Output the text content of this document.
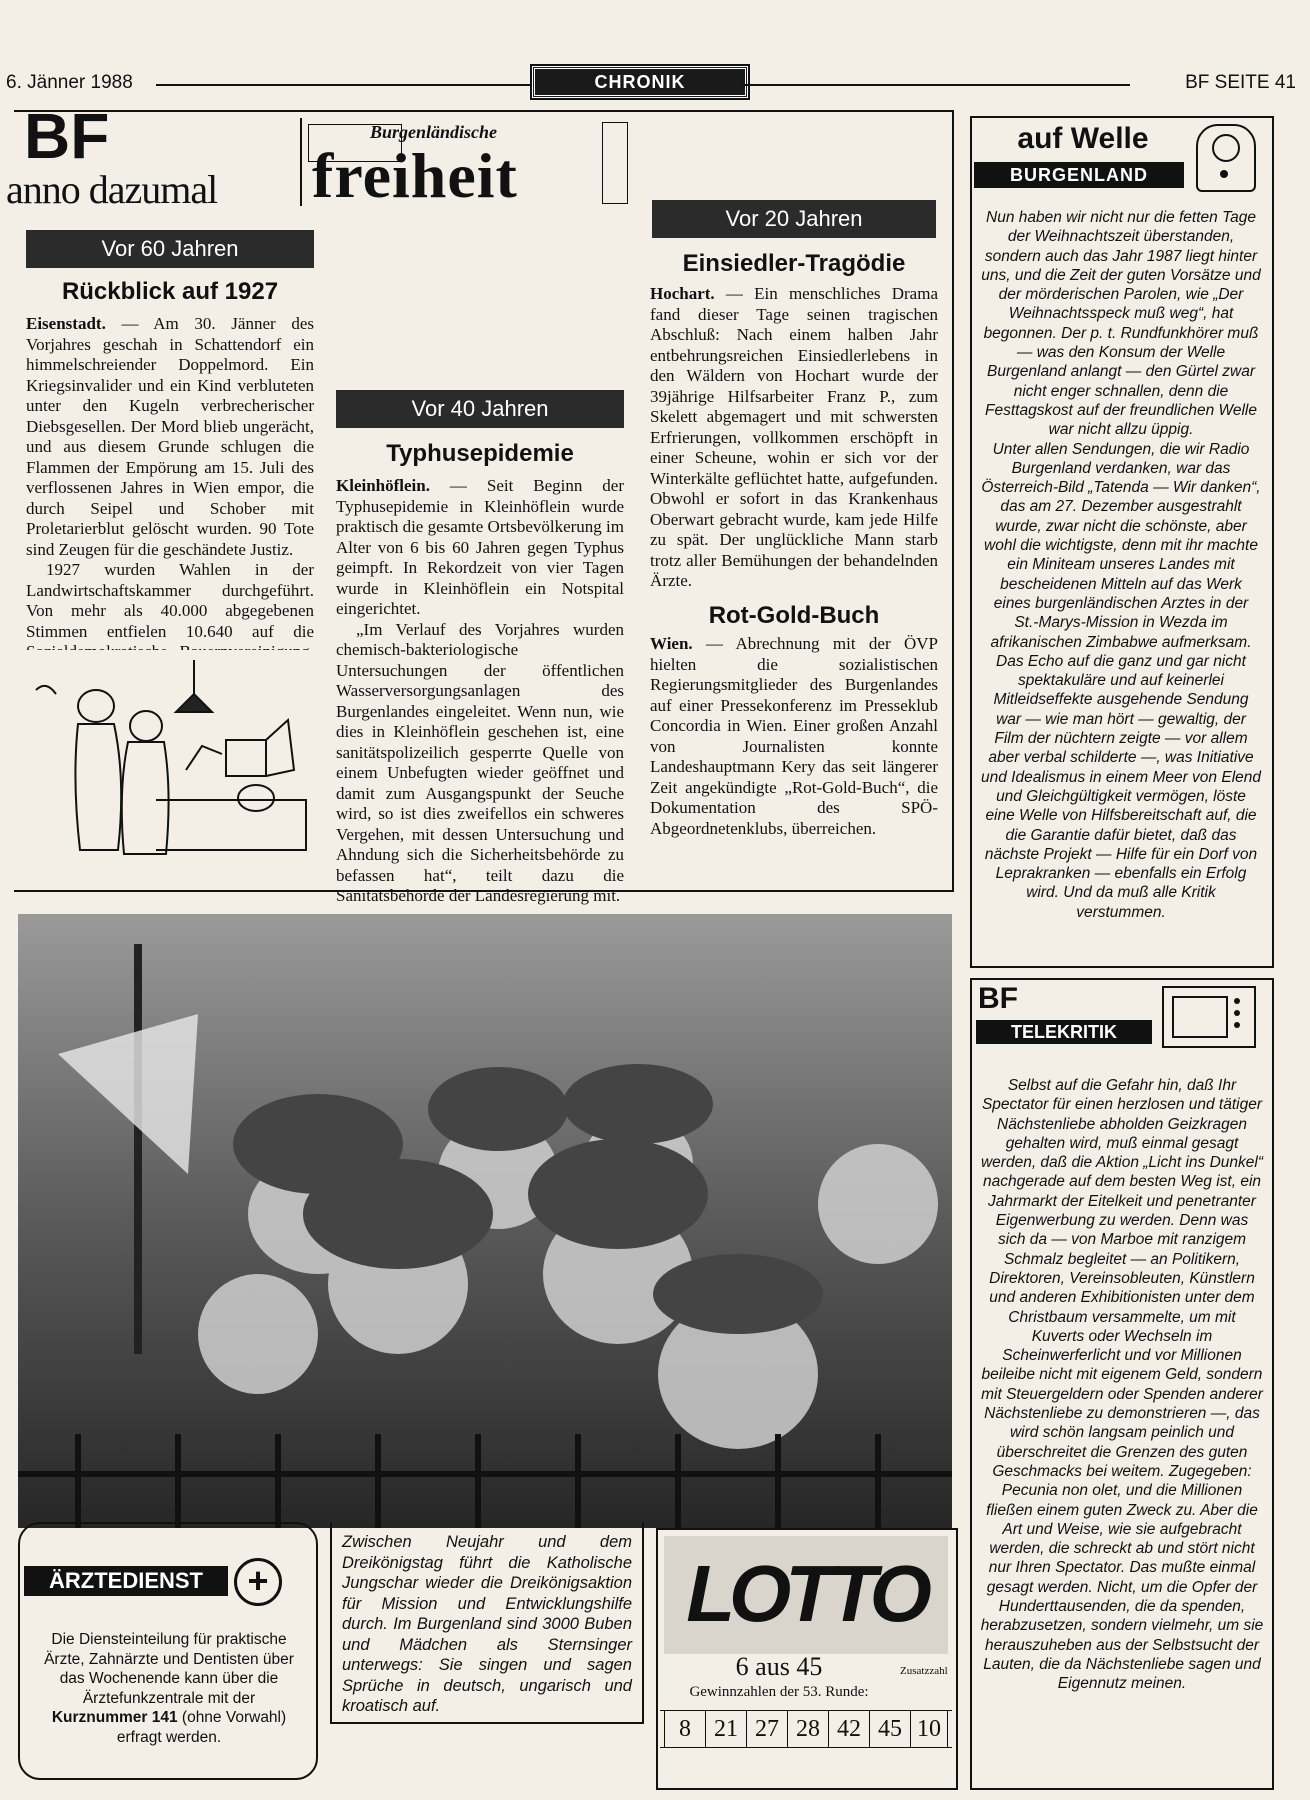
6. Jänner 1988	CHRONIK	BF SEITE 41
BF
anno dazumal
Burgenländische
freiheit
Vor 60 Jahren
Rückblick auf 1927

Eisenstadt. — Am 30. Jänner des Vorjahres geschah in Schattendorf ein himmelschreiender Doppelmord. Ein Kriegsinvalider und ein Kind verbluteten unter den Kugeln verbrecherischer Diebsgesellen. Der Mord blieb ungerächt, und aus diesem Grunde schlugen die Flammen der Empörung am 15. Juli des verflossenen Jahres in Wien empor, die durch Seipel und Schober mit Proletarierblut gelöscht wurden. 90 Tote sind Zeugen für die geschändete Justiz.

1927 wurden Wahlen in der Landwirtschaftskammer durchgeführt. Von mehr als 40.000 abgegebenen Stimmen entfielen 10.640 auf die

Vor 40 Jahren
Typhusepidemie

Kleinhöflein. — Seit Beginn der Typhusepidemie in Kleinhöflein wurde praktisch die gesamte Ortsbevölkerung im Alter von 6 bis 60 Jahren gegen Typhus geimpft. In Rekordzeit von vier Tagen wurde in Kleinhöflein ein Notspital eingerichtet.

„Im Verlauf des Vorjahres wurden chemisch-bakteriologische Untersuchungen der öffentlichen Wasserversorgungsanlagen des Burgenlandes eingeleitet. Wenn nun, wie dies in Kleinhöflein geschehen ist, eine sanitätspolizeilich gesperrte Quelle von einem Unbefugten wieder geöffnet und damit zum Ausgangspunkt der Seuche wird, so ist dies zweifellos ein schweres Vergehen, mit dessen Untersuchung und Ahndung sich die Sicherheitsbehörde zu befassen hat“, teilt dazu die Sanitätsbehörde der Landesregierung mit.

Vor 20 Jahren
Einsiedler-Tragödie

Hochart. — Ein menschliches Drama fand dieser Tage seinen tragischen Abschluß: Nach einem halben Jahr entbehrungsreichen Einsiedlerlebens in den Wäldern von Hochart wurde der 39jährige Hilfsarbeiter Franz P., zum Skelett abgemagert und mit schwersten Erfrierungen, vollkommen erschöpft in einer Scheune, wohin er sich vor der Winterkälte geflüchtet hatte, aufgefunden. Obwohl er sofort in das Krankenhaus Oberwart gebracht wurde, kam jede Hilfe zu spät. Der unglückliche Mann starb trotz aller Bemühungen der behandelnden Ärzte.

Rot-Gold-Buch

Wien. — Abrechnung mit der ÖVP hielten die sozialistischen Regierungsmitglieder des Burgenlandes auf einer Pressekonferenz im Presseklub Concordia in Wien. Einer großen Anzahl von Journalisten konnte Landeshauptmann Kery das seit längerer Zeit angekündigte „Rot-Gold-Buch“, die Dokumentation des SPÖ-Abgeordnetenklubs, überreichen.

auf Welle
BURGENLAND

Nun haben wir nicht nur die fetten Tage der Weihnachtszeit überstanden, sondern auch das Jahr 1987 liegt hinter uns, und die Zeit der guten Vorsätze und der mörderischen Parolen, wie „Der Weihnachtsspeck muß weg“, hat begonnen. Der p. t. Rundfunkhörer muß — was den Konsum der Welle Burgenland anlangt — den Gürtel zwar nicht enger schnallen, denn die Festtagskost auf der freundlichen Welle war nicht allzu üppig.

Unter allen Sendungen, die wir Radio Burgenland verdanken, war das Österreich-Bild „Tatenda — Wir danken“, das am 27. Dezember ausgestrahlt wurde, zwar nicht die schönste, aber wohl die wichtigste, denn mit ihr machte ein Miniteam unseres Landes mit bescheidenen Mitteln auf das Werk eines burgenländischen Arztes in der St.-Marys-Mission in Wezda im afrikanischen Zimbabwe aufmerksam. Das Echo auf die ganz und gar nicht spektakuläre und auf keinerlei Mitleidseffekte ausgehende Sendung war — wie man hört — gewaltig, der Film der nüchtern zeigte — vor allem aber verbal schilderte —, was Initiative und Idealismus in einem Meer von Elend und Gleichgültigkeit vermögen, löste eine Welle von Hilfsbereitschaft auf, die die Garantie dafür bietet, daß das nächste Projekt — Hilfe für ein Dorf von Leprakranken — ebenfalls ein Erfolg wird. Und da muß alle Kritik verstummen.

BF
TELEKRITIK
Selbst auf die Gefahr hin, daß Ihr Spectator für einen herzlosen und tätiger Nächstenliebe abholden Geizkragen gehalten wird, muß einmal gesagt werden, daß die Aktion „Licht ins Dunkel“ nachgerade auf dem besten Weg ist, ein Jahrmarkt der Eitelkeit und penetranter Eigenwerbung zu werden. Denn was sich da — von Marboe mit ranzigem Schmalz begleitet — an Politikern, Direktoren, Vereinsobleuten, Künstlern und anderen Exhibitionisten unter dem Christbaum versammelte, um mit Kuverts oder Wechseln im Scheinwerferlicht und vor Millionen beileibe nicht mit eigenem Geld, sondern mit Steuergeldern oder Spenden anderer Nächstenliebe zu demonstrieren —, das wird schön langsam peinlich und überschreitet die Grenzen des guten Geschmacks bei weitem. Zugegeben: Pecunia non olet, und die Millionen fließen einem guten Zweck zu. Aber die Art und Weise, wie sie aufgebracht werden, die schreckt ab und stört nicht nur Ihren Spectator. Das mußte einmal gesagt werden. Nicht, um die Opfer der Hunderttausenden, die da spenden, herabzusetzen, sondern vielmehr, um sie herauszuheben aus der Selbstsucht der Lauten, die da Nächstenliebe sagen und Eigennutz meinen.
ÄRZTEDIENST	+
Die Diensteinteilung für praktische Ärzte, Zahnärzte und Dentisten über das Wochenende kann über die Ärztefunkzentrale mit der Kurznummer 141 (ohne Vorwahl) erfragt werden.
Zwischen Neujahr und dem Dreikönigstag führt die Katholische Jungschar wieder die Dreikönigsaktion für Mission und Entwicklungshilfe durch. Im Burgenland sind 3000 Buben und Mädchen als Sternsinger unterwegs: Sie singen und sagen Sprüche in deutsch, ungarisch und kroatisch auf.
LOTTO
6 aus 45
Gewinnzahlen der 53. Runde:
Zusatzzahl
8 21 27 28 42 45 10
